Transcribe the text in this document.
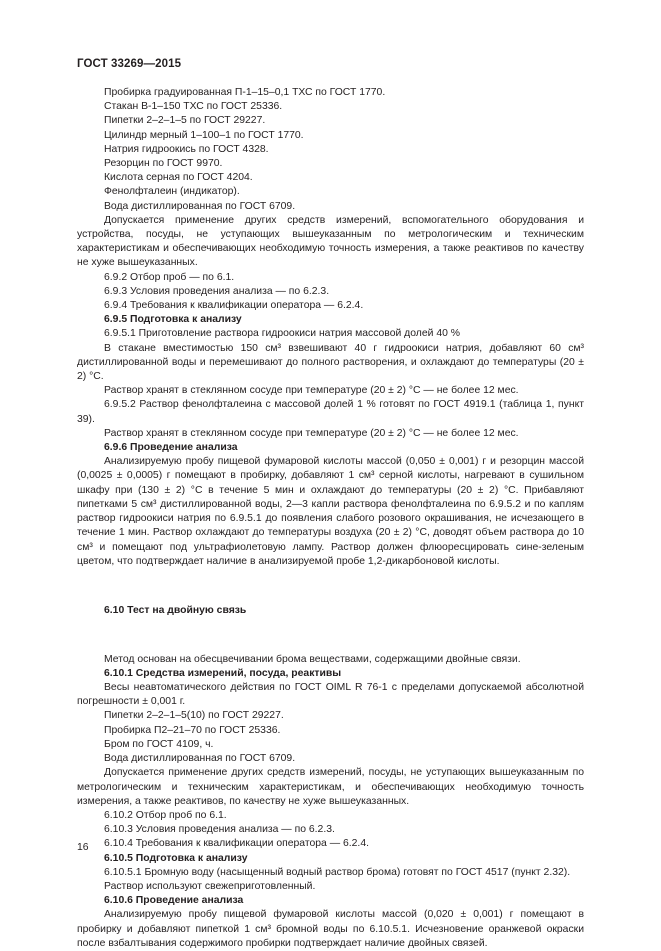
ГОСТ 33269—2015

Пробирка градуированная П-1–15–0,1 ТХС по ГОСТ 1770.

Стакан В-1–150 ТХС по ГОСТ 25336.

Пипетки 2–2–1–5 по ГОСТ 29227.

Цилиндр мерный 1–100–1 по ГОСТ 1770.

Натрия гидроокись по ГОСТ 4328.

Резорцин по ГОСТ 9970.

Кислота серная по ГОСТ 4204.

Фенолфталеин (индикатор).

Вода дистиллированная по ГОСТ 6709.

Допускается применение других средств измерений, вспомогательного оборудования и устройства, посуды, не уступающих вышеуказанным по метрологическим и техническим характеристикам и обеспечивающих необходимую точность измерения, а также реактивов по качеству не хуже вышеуказанных.

6.9.2 Отбор проб — по 6.1.

6.9.3 Условия проведения анализа — по 6.2.3.

6.9.4 Требования к квалификации оператора — 6.2.4.

6.9.5 Подготовка к анализу

6.9.5.1 Приготовление раствора гидроокиси натрия массовой долей 40 %

В стакане вместимостью 150 см³ взвешивают 40 г гидроокиси натрия, добавляют 60 см³ дистиллированной воды и перемешивают до полного растворения, и охлаждают до температуры (20 ± 2) °С.

Раствор хранят в стеклянном сосуде при температуре (20 ± 2) °С — не более 12 мес.

6.9.5.2 Раствор фенолфталеина с массовой долей 1 % готовят по ГОСТ 4919.1 (таблица 1, пункт 39).

Раствор хранят в стеклянном сосуде при температуре (20 ± 2) °С — не более 12 мес.

6.9.6 Проведение анализа

Анализируемую пробу пищевой фумаровой кислоты массой (0,050 ± 0,001) г и резорцин массой (0,0025 ± 0,0005) г помещают в пробирку, добавляют 1 см³ серной кислоты, нагревают в сушильном шкафу при (130 ± 2) °С в течение 5 мин и охлаждают до температуры (20 ± 2) °С. Прибавляют пипетками 5 см³ дистиллированной воды, 2—3 капли раствора фенолфталеина по 6.9.5.2 и по каплям раствор гидроокиси натрия по 6.9.5.1 до появления слабого розового окрашивания, не исчезающего в течение 1 мин. Раствор охлаждают до температуры воздуха (20 ± 2) °С, доводят объем раствора до 10 см³ и помещают под ультрафиолетовую лампу. Раствор должен флюоресцировать сине-зеленым цветом, что подтверждает наличие в анализируемой пробе 1,2-дикарбоновой кислоты.

6.10 Тест на двойную связь

Метод основан на обесцвечивании брома веществами, содержащими двойные связи.

6.10.1 Средства измерений, посуда, реактивы

Весы неавтоматического действия по ГОСТ OIML R 76-1 с пределами допускаемой абсолютной погрешности ± 0,001 г.

Пипетки 2–2–1–5(10) по ГОСТ 29227.

Пробирка П2–21–70 по ГОСТ 25336.

Бром по ГОСТ 4109, ч.

Вода дистиллированная по ГОСТ 6709.

Допускается применение других средств измерений, посуды, не уступающих вышеуказанным по метрологическим и техническим характеристикам, и обеспечивающих необходимую точность измерения, а также реактивов, по качеству не хуже вышеуказанных.

6.10.2 Отбор проб по 6.1.

6.10.3 Условия проведения анализа — по 6.2.3.

6.10.4 Требования к квалификации оператора — 6.2.4.

6.10.5 Подготовка к анализу

6.10.5.1 Бромную воду (насыщенный водный раствор брома) готовят по ГОСТ 4517 (пункт 2.32).

Раствор используют свежеприготовленный.

6.10.6 Проведение анализа

Анализируемую пробу пищевой фумаровой кислоты массой (0,020 ± 0,001) г помещают в пробирку и добавляют пипеткой 1 см³ бромной воды по 6.10.5.1. Исчезновение оранжевой окраски после взбалтывания содержимого пробирки подтверждает наличие двойных связей.

16
